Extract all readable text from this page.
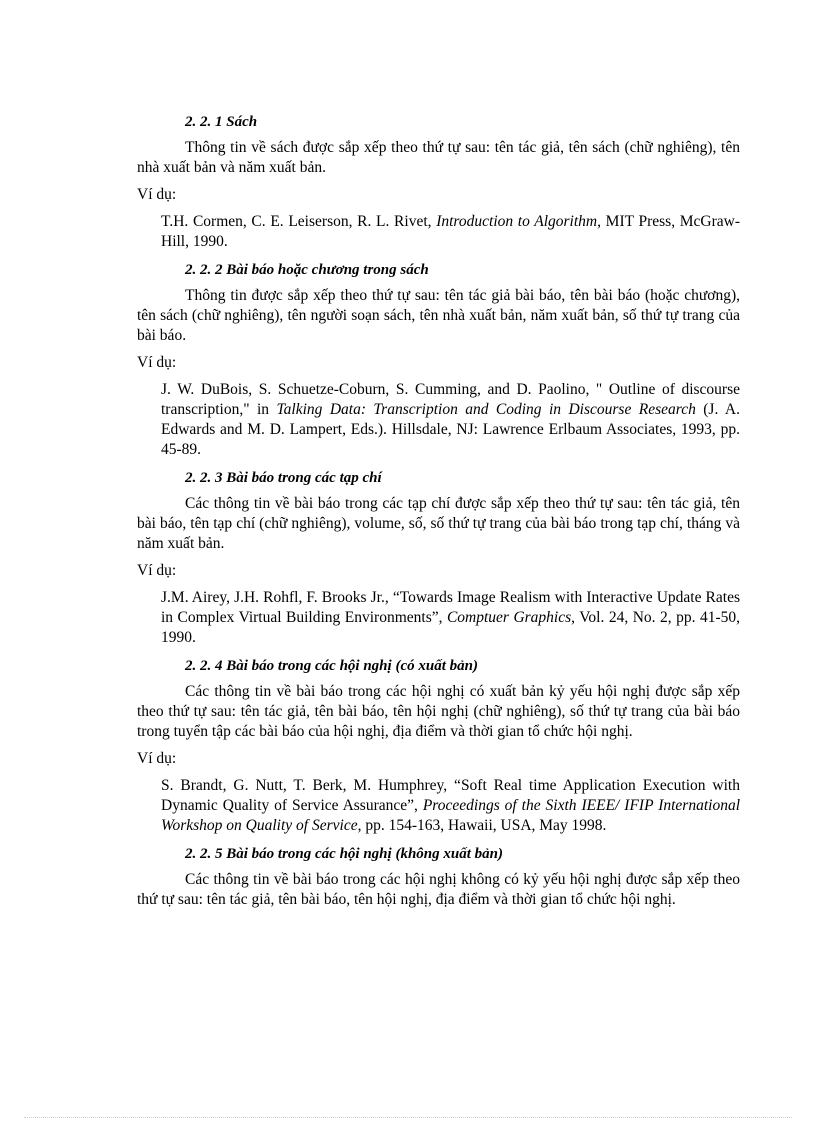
2. 2. 1 Sách

Thông tin về sách được sắp xếp theo thứ tự sau: tên tác giả, tên sách (chữ nghiêng), tên nhà xuất bản và năm xuất bản.

Ví dụ:

T.H. Cormen, C. E. Leiserson, R. L. Rivet, Introduction to Algorithm, MIT Press, McGraw-Hill, 1990.

2. 2. 2 Bài báo hoặc chương trong sách

Thông tin được sắp xếp theo thứ tự sau: tên tác giả bài báo, tên bài báo (hoặc chương), tên sách (chữ nghiêng), tên người soạn sách, tên nhà xuất bản, năm xuất bản, số thứ tự trang của bài báo.

Ví dụ:

J. W. DuBois, S. Schuetze-Coburn, S. Cumming, and D. Paolino, " Outline of discourse transcription," in Talking Data: Transcription and Coding in Discourse Research (J. A. Edwards and M. D. Lampert, Eds.). Hillsdale, NJ: Lawrence Erlbaum Associates, 1993, pp. 45-89.

2. 2. 3 Bài báo trong các tạp chí

Các thông tin về bài báo trong các tạp chí được sắp xếp theo thứ tự sau: tên tác giả, tên bài báo, tên tạp chí (chữ nghiêng), volume, số, số thứ tự trang của bài báo trong tạp chí, tháng và năm xuất bản.

Ví dụ:

J.M. Airey, J.H. Rohfl, F. Brooks Jr., “Towards Image Realism with Interactive Update Rates in Complex Virtual Building Environments”, Comptuer Graphics, Vol. 24, No. 2, pp. 41-50, 1990.

2. 2. 4 Bài báo trong các hội nghị (có xuất bản)

Các thông tin về bài báo trong các hội nghị có xuất bản kỷ yếu hội nghị được sắp xếp theo thứ tự sau: tên tác giả, tên bài báo, tên hội nghị (chữ nghiêng), số thứ tự trang của bài báo trong tuyển tập các bài báo của hội nghị, địa điểm và thời gian tổ chức hội nghị.

Ví dụ:

S. Brandt, G. Nutt, T. Berk, M. Humphrey, “Soft Real time Application Execution with Dynamic Quality of Service Assurance”, Proceedings of the Sixth IEEE/ IFIP International Workshop on Quality of Service, pp. 154-163, Hawaii, USA, May 1998.

2. 2. 5 Bài báo trong các hội nghị (không xuất bản)

Các thông tin về bài báo trong các hội nghị không có kỷ yếu hội nghị được sắp xếp theo thứ tự sau: tên tác giả, tên bài báo, tên hội nghị, địa điểm và thời gian tổ chức hội nghị.
